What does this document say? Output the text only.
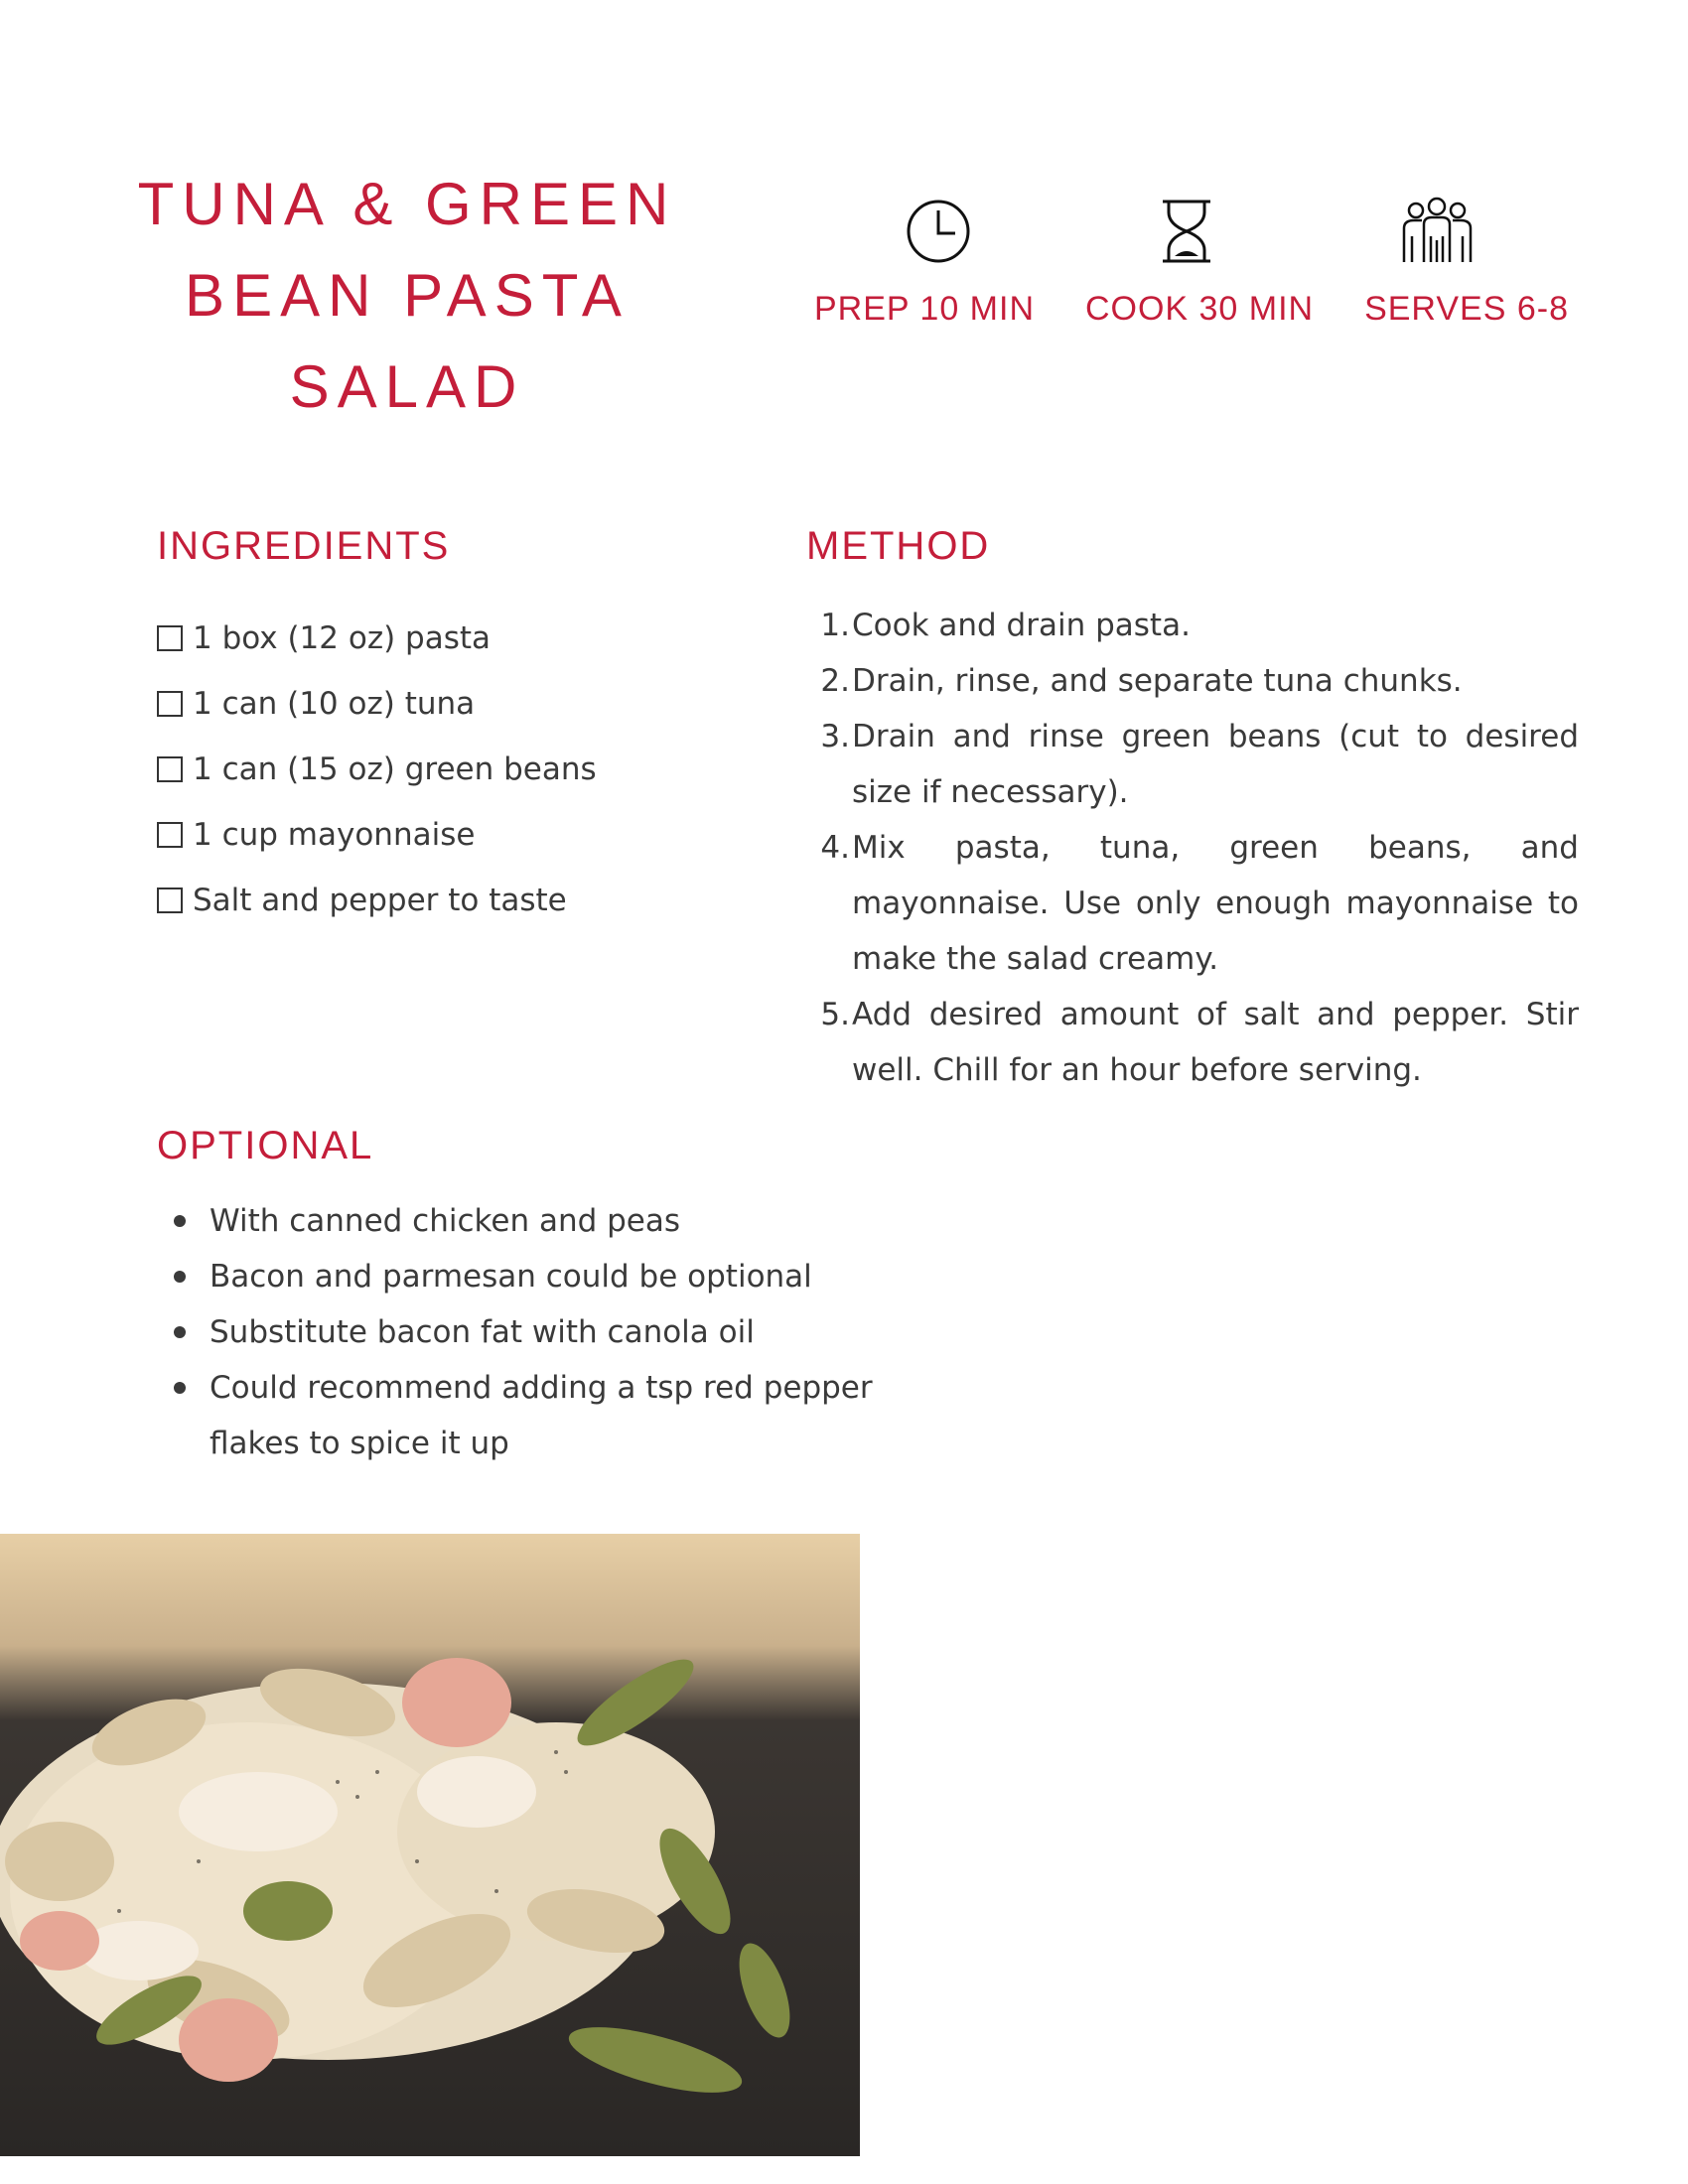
TUNA & GREEN
BEAN PASTA
SALAD
PREP 10 MIN COOK 30 MIN SERVES 6-8
INGREDIENTS
1 box (12 oz) pasta
1 can (10 oz) tuna
1 can (15 oz) green beans
1 cup mayonnaise
Salt and pepper to taste
METHOD
1. Cook and drain pasta.
2. Drain, rinse, and separate tuna chunks.
3. Drain and rinse green beans (cut to desired size if necessary).
4. Mix pasta, tuna, green beans, and mayonnaise. Use only enough mayonnaise to make the salad creamy.
5. Add desired amount of salt and pepper. Stir well. Chill for an hour before serving.
OPTIONAL
With canned chicken and peas
Bacon and parmesan could be optional
Substitute bacon fat with canola oil
Could recommend adding a tsp red pepper flakes to spice it up
